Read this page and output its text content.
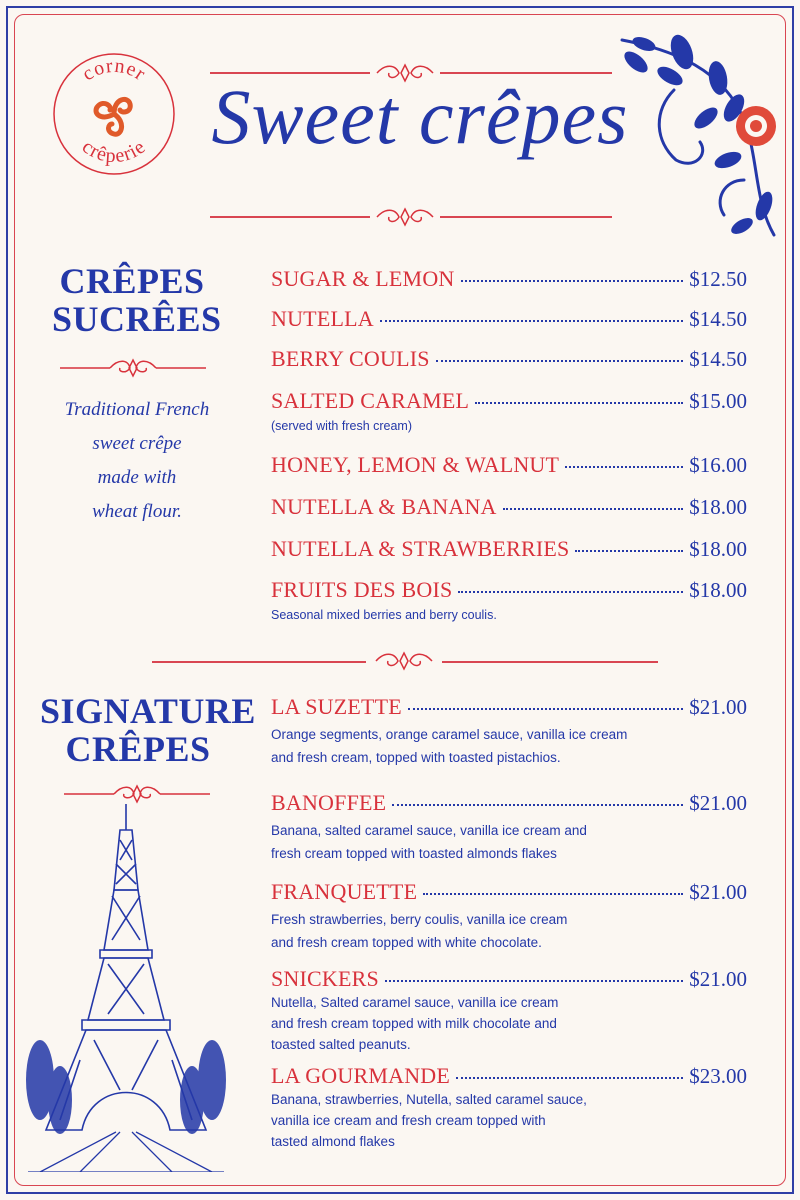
corner
crêperie Sweet crêpes
CRÊPES
SUCRÊES
Traditional French
sweet crêpe
made with
wheat flour.
SUGAR & LEMON	$12.50
NUTELLA	$14.50
BERRY COULIS	$14.50
SALTED CARAMEL	$15.00
(served with fresh cream)
HONEY, LEMON & WALNUT	$16.00
NUTELLA & BANANA	$18.00
NUTELLA & STRAWBERRIES	$18.00
FRUITS DES BOIS	$18.00
Seasonal mixed berries and berry coulis.
SIGNATURE
CRÊPES
LA SUZETTE	$21.00
Orange segments, orange caramel sauce, vanilla ice cream
and fresh cream, topped with toasted pistachios.
BANOFFEE	$21.00
Banana, salted caramel sauce, vanilla ice cream and
fresh cream topped with toasted almonds flakes
FRANQUETTE	$21.00
Fresh strawberries, berry coulis, vanilla ice cream
and fresh cream topped with white chocolate.
SNICKERS	$21.00
Nutella, Salted caramel sauce, vanilla ice cream
and fresh cream topped with milk chocolate and
toasted salted peanuts.
LA GOURMANDE	$23.00
Banana, strawberries, Nutella, salted caramel sauce,
vanilla ice cream and fresh cream topped with
tasted almond flakes
